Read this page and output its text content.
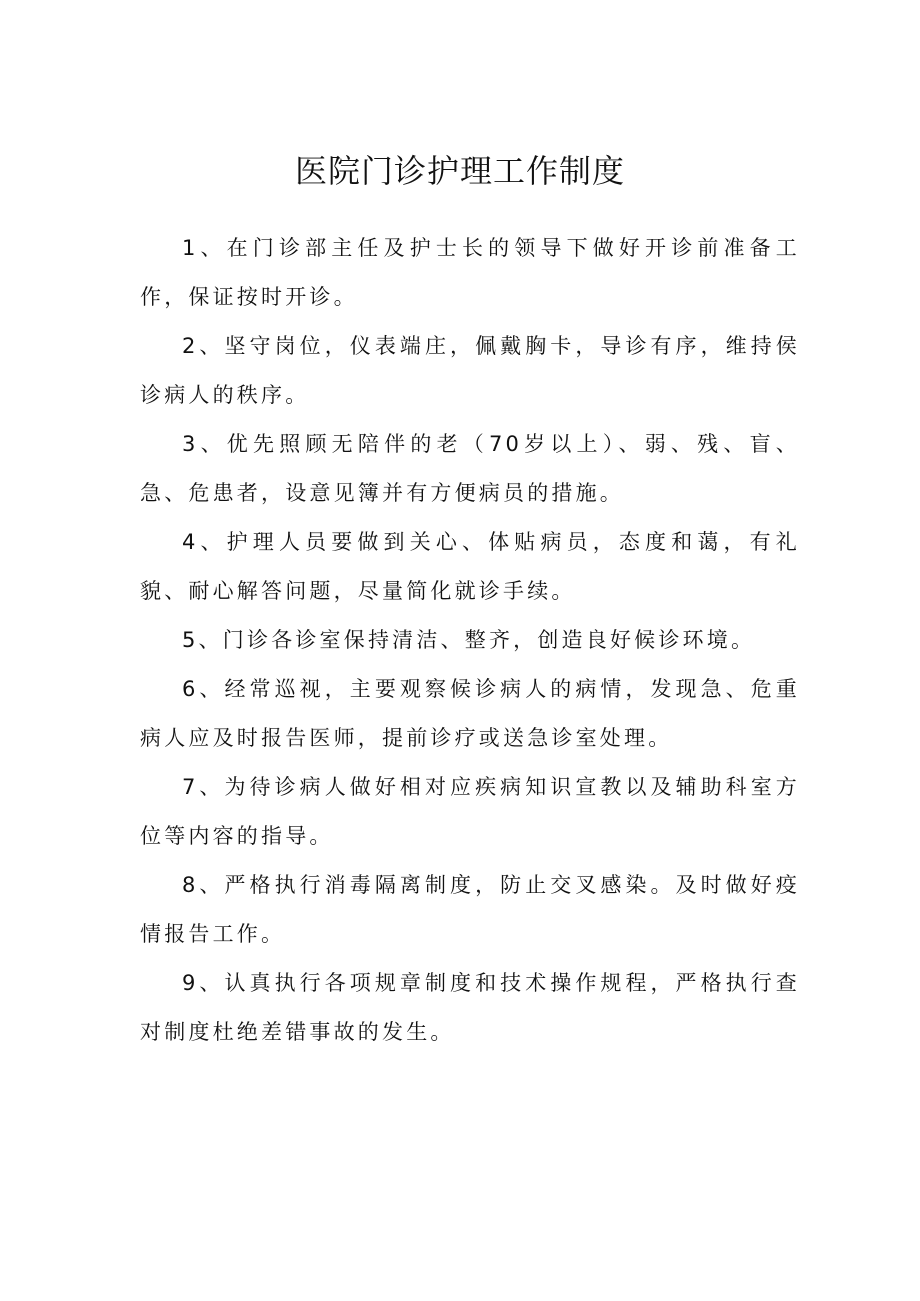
医院门诊护理工作制度

1、在门诊部主任及护士长的领导下做好开诊前准备工作，保证按时开诊。

2、坚守岗位，仪表端庄，佩戴胸卡，导诊有序，维持侯诊病人的秩序。

3、优先照顾无陪伴的老（70岁以上）、弱、残、盲、急、危患者，设意见簿并有方便病员的措施。

4、护理人员要做到关心、体贴病员，态度和蔼，有礼貌、耐心解答问题，尽量简化就诊手续。

5、门诊各诊室保持清洁、整齐，创造良好候诊环境。

6、经常巡视，主要观察候诊病人的病情，发现急、危重病人应及时报告医师，提前诊疗或送急诊室处理。

7、为待诊病人做好相对应疾病知识宣教以及辅助科室方位等内容的指导。

8、严格执行消毒隔离制度，防止交叉感染。及时做好疫情报告工作。

9、认真执行各项规章制度和技术操作规程，严格执行查对制度杜绝差错事故的发生。
